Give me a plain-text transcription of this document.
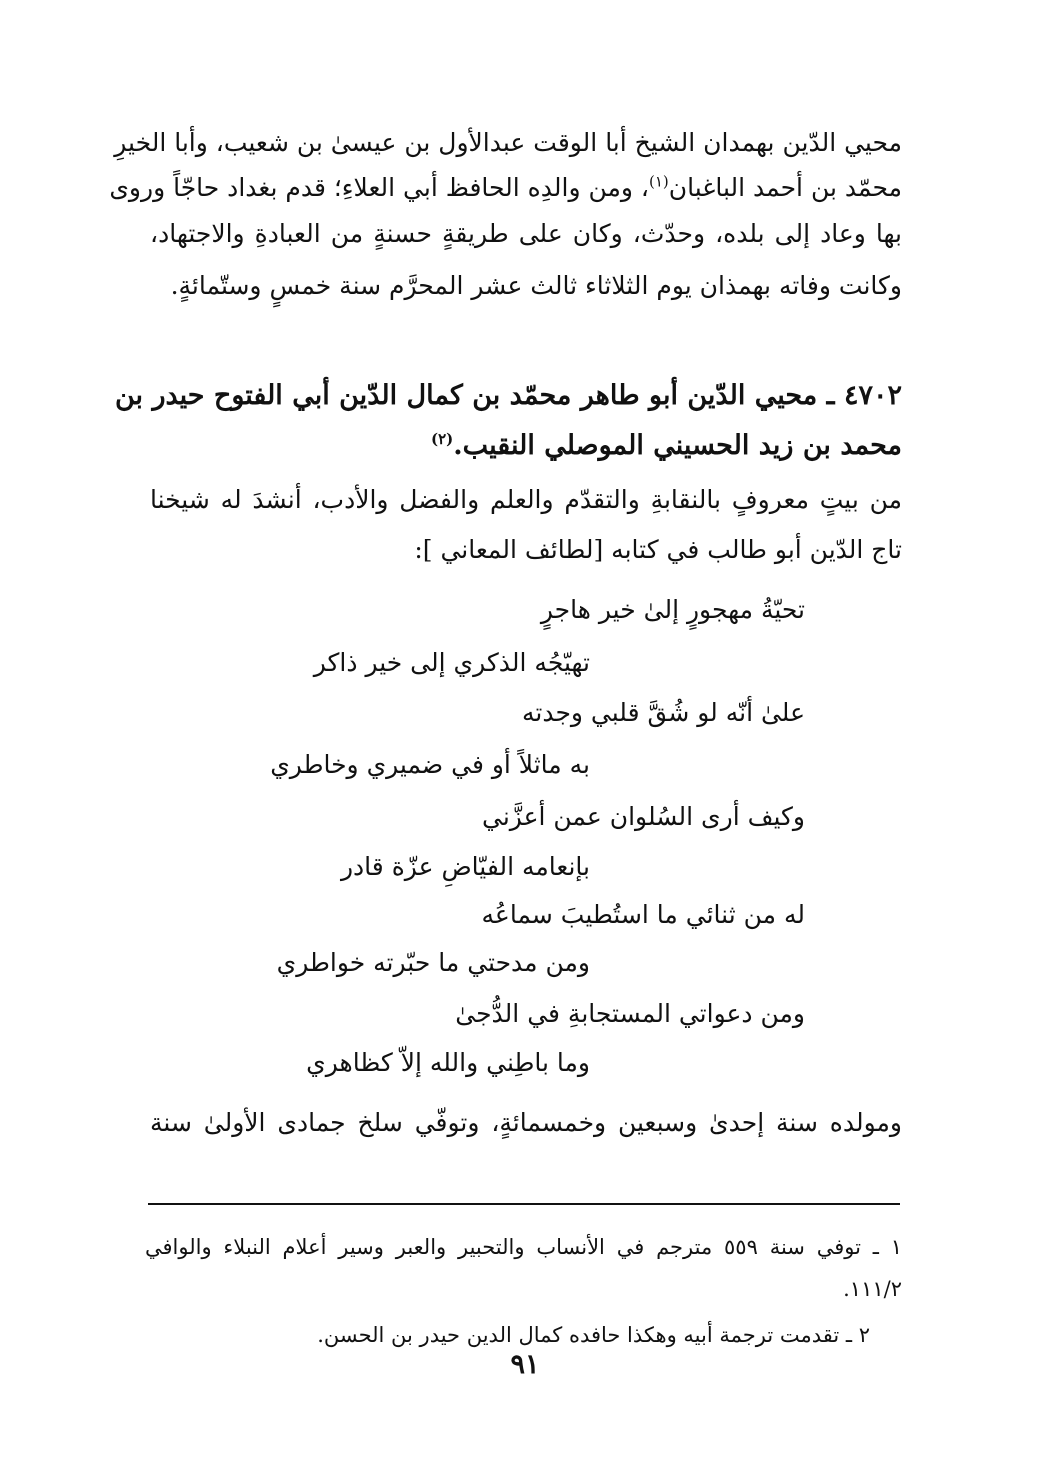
محيي الدّين بهمدان الشيخ أبا الوقت عبدالأول بن عيسىٰ بن شعيب، وأبا الخيرِ
محمّد بن أحمد الباغبان$^{(١)}$، ومن والدِه الحافظ أبي العلاءِ؛ قدم بغداد حاجّاً وروى
بها وعاد إلى بلده، وحدّث، وكان على طريقةٍ حسنةٍ من العبادةِ والاجتهاد،
وكانت وفاته بهمذان يوم الثلاثاء ثالث عشر المحرَّم سنة خمسٍ وستّمائةٍ.
٤٧٠٢ ـ محيي الدّين أبو طاهر محمّد بن كمال الدّين أبي الفتوح حيدر بن
محمد بن زيد الحسيني الموصلي النقيب.$^{(٢)}$
من بيتٍ معروفٍ بالنقابةِ والتقدّم والعلم والفضل والأدب، أنشدَ له شيخنا
تاج الدّين أبو طالب في كتابه [لطائف المعاني ]:
تحيّةُ مهجورٍ إلىٰ خير هاجرٍ
تهيّجُه الذكري إلى خير ذاكر
علىٰ أنّه لو شُقَّ قلبي وجدته
به ماثلاً أو في ضميري وخاطري
وكيف أرى السُلوان عمن أعزَّني
بإنعامه الفيّاضِ عزّة قادر
له من ثنائي ما استُطيبَ سماعُه
ومن مدحتي ما حبّرته خواطري
ومن دعواتي المستجابةِ في الدُّجىٰ
وما باطِني والله إلاّ كظاهري
ومولده سنة إحدىٰ وسبعين وخمسمائةٍ، وتوفّي سلخ جمادى الأولىٰ سنة
١ ـ توفي سنة ٥٥٩ مترجم في الأنساب والتحبير والعبر وسير أعلام النبلاء والوافي
١١١/٢.
٢ ـ تقدمت ترجمة أبيه وهكذا حافده كمال الدين حيدر بن الحسن.
٩١
